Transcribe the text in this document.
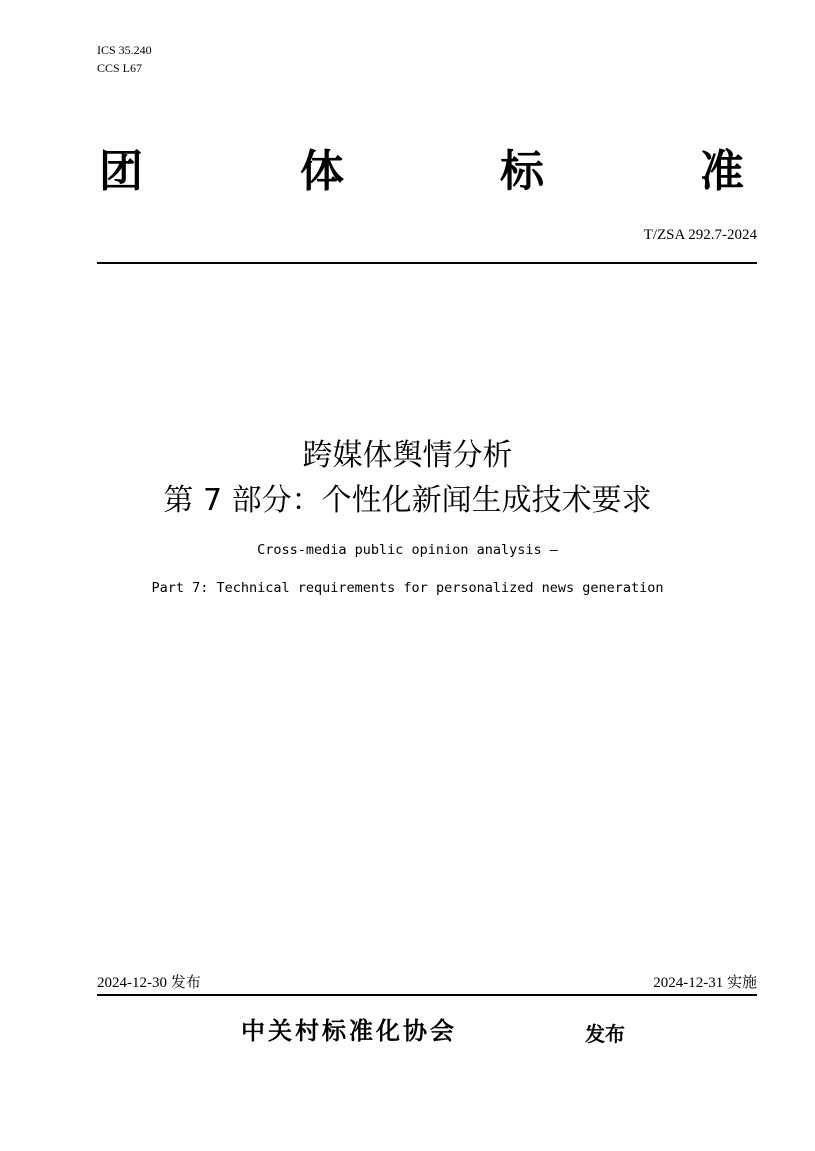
ICS 35.240
CCS L67
团	体	标	准
T/ZSA 292.7-2024
跨媒体舆情分析
第 7 部分：个性化新闻生成技术要求
Cross-media public opinion analysis —
Part 7: Technical requirements for personalized news generation
2024-12-30 发布	2024-12-31 实施
中关村标准化协会	发布
